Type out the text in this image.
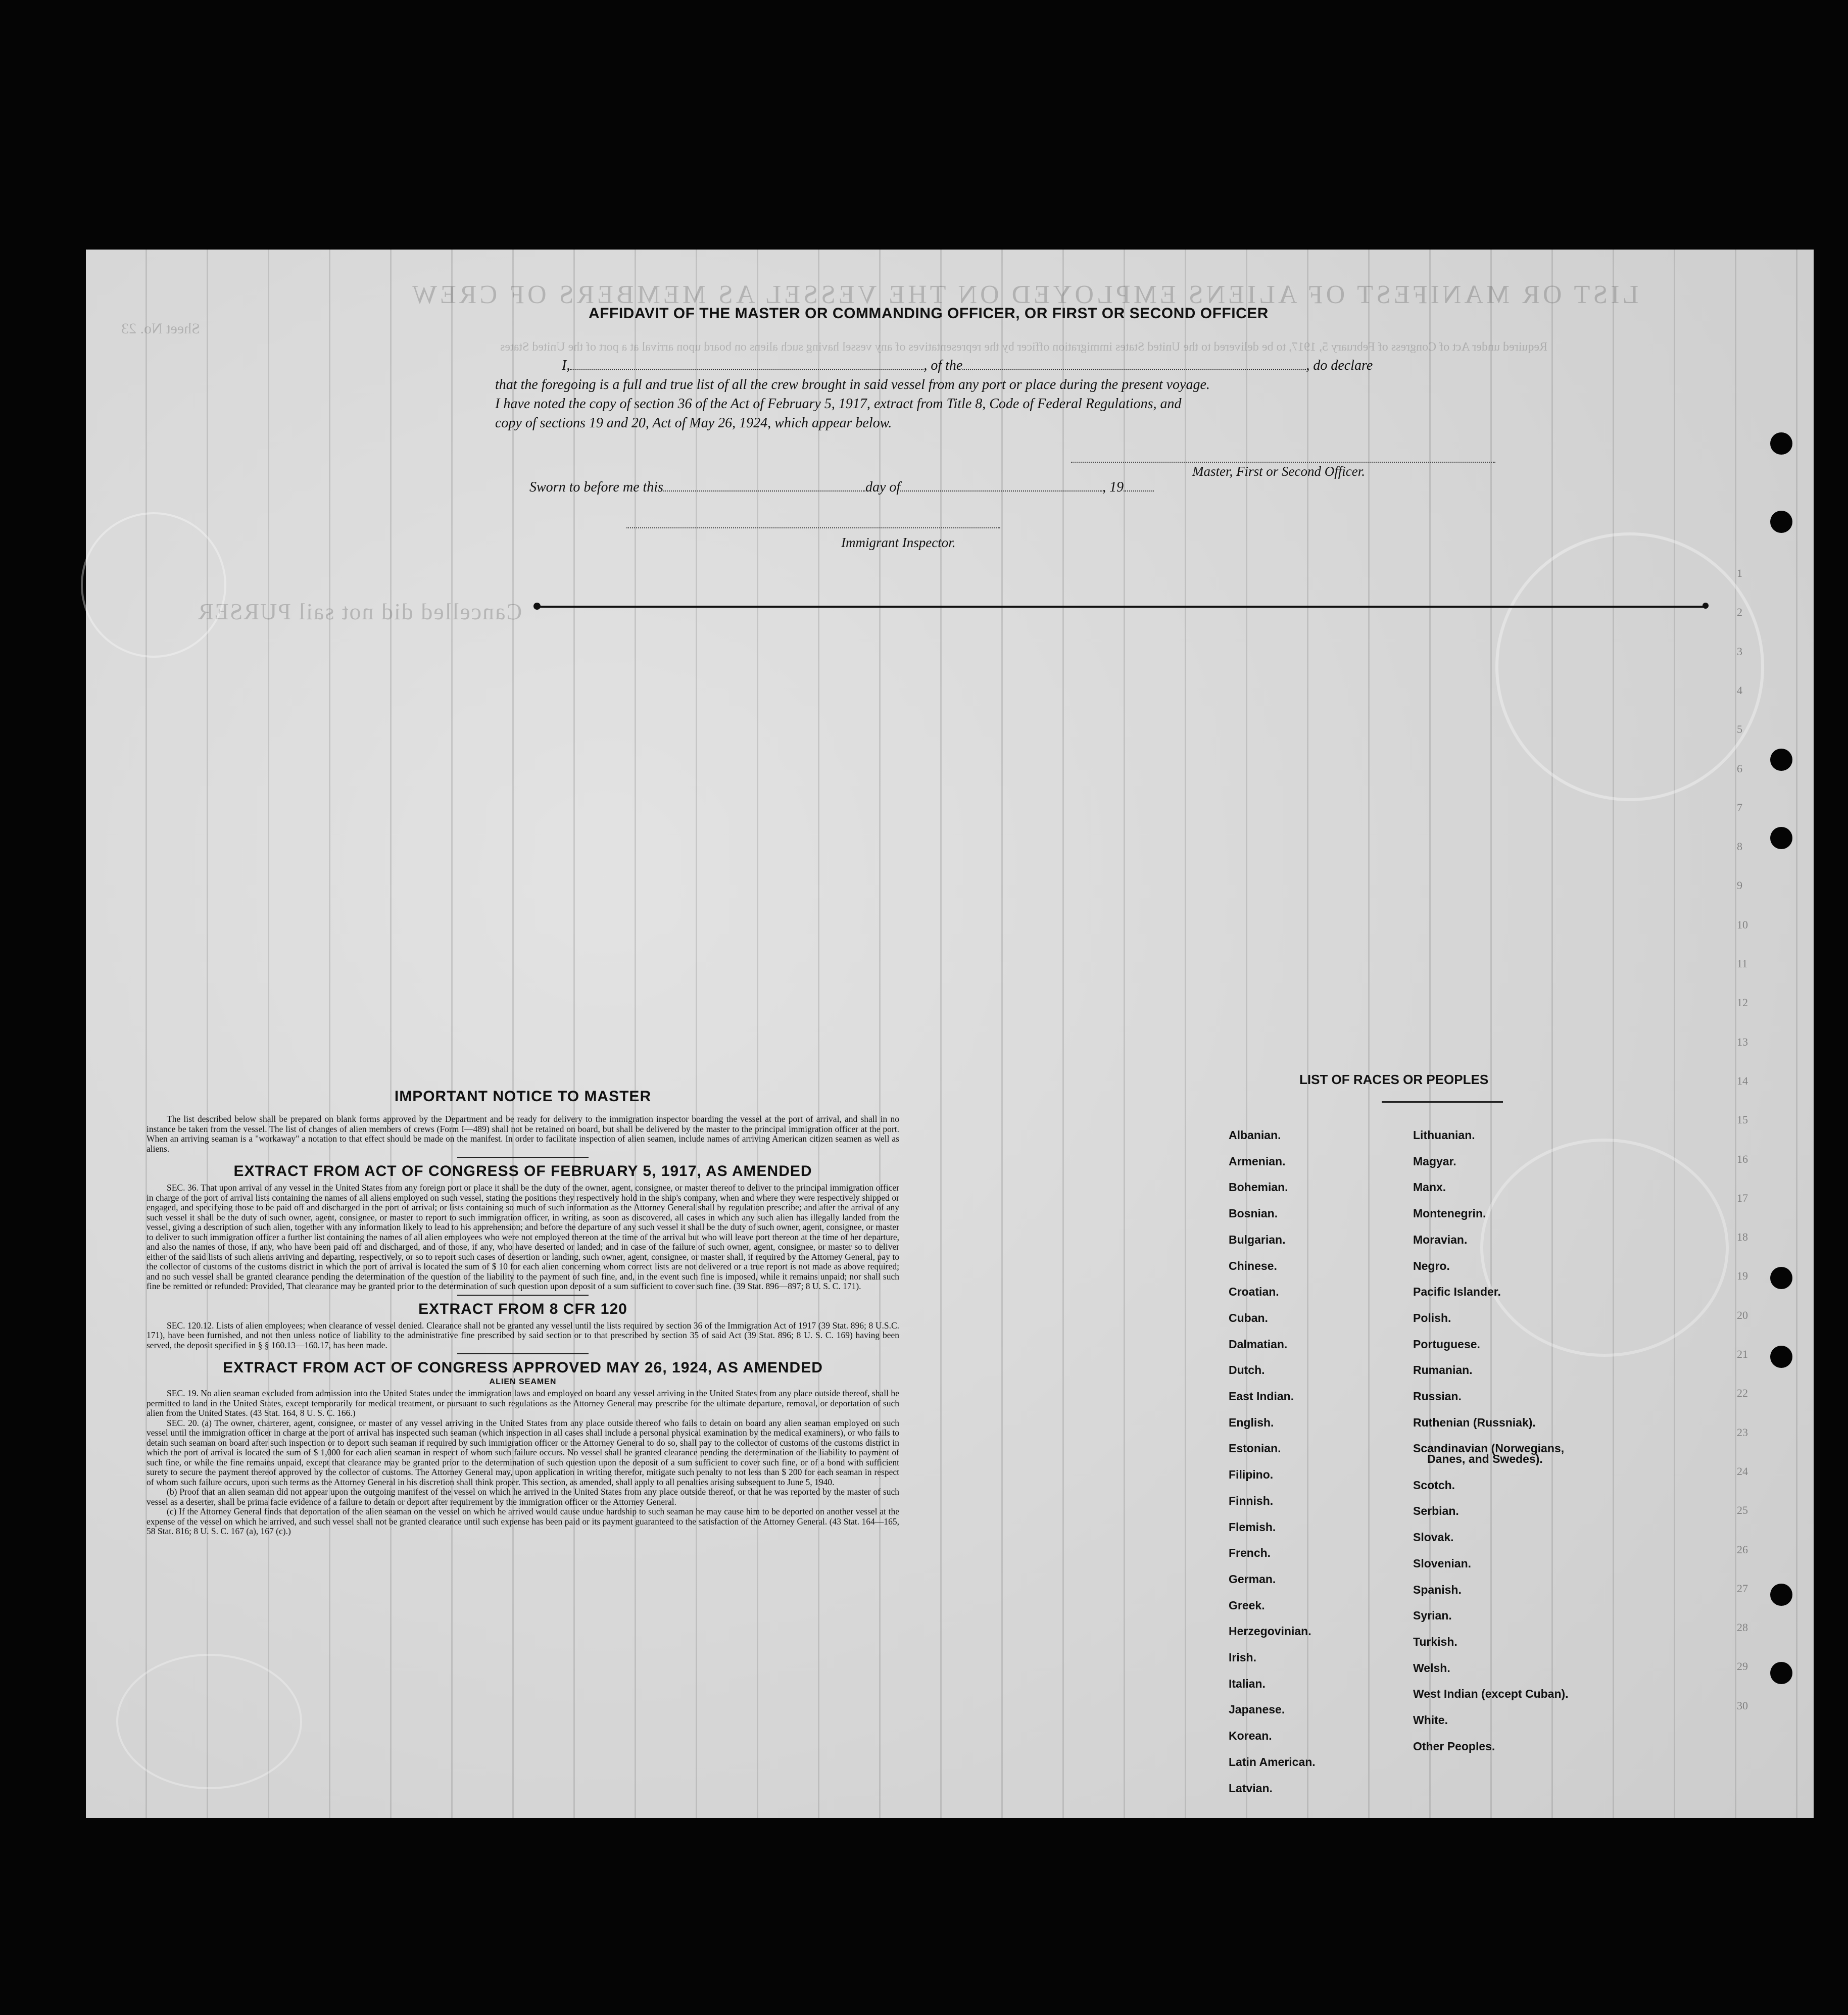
LIST OR MANIFEST OF ALIENS EMPLOYED ON THE VESSEL AS MEMBERS OF CREW
Sheet No. 23
Required under Act of Congress of February 5, 1917, to be delivered to the United States immigration officer by the representatives of any vessel having such aliens on board upon arrival at a port of the United States
Cancelled did not sail PURSER
AFFIDAVIT OF THE MASTER OR COMMANDING OFFICER, OR FIRST OR SECOND OFFICER
I,	, of the	, do declare
that the foregoing is a full and true list of all the crew brought in said vessel from any port or place during the present voyage.
I have noted the copy of section 36 of the Act of February 5, 1917, extract from Title 8, Code of Federal Regulations, and
copy of sections 19 and 20, Act of May 26, 1924, which appear below.
Master, First or Second Officer.
Sworn to before me this	day of	, 19
Immigrant Inspector.
1
2
3
4
5
6
7
8
9
10
11
12
13
14
15
16
17
18
19
20
21
22
23
24
25
26
27
28
29
30
IMPORTANT NOTICE TO MASTER

The list described below shall be prepared on blank forms approved by the Department and be ready for delivery to the immigration inspector boarding the vessel at the port of arrival, and shall in no instance be taken from the vessel. The list of changes of alien members of crews (Form I—489) shall not be retained on board, but shall be delivered by the master to the principal immigration officer at the port. When an arriving seaman is a "workaway" a notation to that effect should be made on the manifest. In order to facilitate inspection of alien seamen, include names of arriving American citizen seamen as well as aliens.

EXTRACT FROM ACT OF CONGRESS OF FEBRUARY 5, 1917, AS AMENDED

SEC. 36. That upon arrival of any vessel in the United States from any foreign port or place it shall be the duty of the owner, agent, consignee, or master thereof to deliver to the principal immigration officer in charge of the port of arrival lists containing the names of all aliens employed on such vessel, stating the positions they respectively hold in the ship's company, when and where they were respectively shipped or engaged, and specifying those to be paid off and discharged in the port of arrival; or lists containing so much of such information as the Attorney General shall by regulation prescribe; and after the arrival of any such vessel it shall be the duty of such owner, agent, consignee, or master to report to such immigration officer, in writing, as soon as discovered, all cases in which any such alien has illegally landed from the vessel, giving a description of such alien, together with any information likely to lead to his apprehension; and before the departure of any such vessel it shall be the duty of such owner, agent, consignee, or master to deliver to such immigration officer a further list containing the names of all alien employees who were not employed thereon at the time of the arrival but who will leave port thereon at the time of her departure, and also the names of those, if any, who have been paid off and discharged, and of those, if any, who have deserted or landed; and in case of the failure of such owner, agent, consignee, or master so to deliver either of the said lists of such aliens arriving and departing, respectively, or so to report such cases of desertion or landing, such owner, agent, consignee, or master shall, if required by the Attorney General, pay to the collector of customs of the customs district in which the port of arrival is located the sum of $ 10 for each alien concerning whom correct lists are not delivered or a true report is not made as above required; and no such vessel shall be granted clearance pending the determination of the question of the liability to the payment of such fine, and, in the event such fine is imposed, while it remains unpaid; nor shall such fine be remitted or refunded: Provided, That clearance may be granted prior to the determination of such question upon deposit of a sum sufficient to cover such fine. (39 Stat. 896—897; 8 U. S. C. 171).

EXTRACT FROM 8 CFR 120

SEC. 120.12. Lists of alien employees; when clearance of vessel denied. Clearance shall not be granted any vessel until the lists required by section 36 of the Immigration Act of 1917 (39 Stat. 896; 8 U.S.C. 171), have been furnished, and not then unless notice of liability to the administrative fine prescribed by said section or to that prescribed by section 35 of said Act (39 Stat. 896; 8 U. S. C. 169) having been served, the deposit specified in § § 160.13—160.17, has been made.

EXTRACT FROM ACT OF CONGRESS APPROVED MAY 26, 1924, AS AMENDED
ALIEN SEAMEN

SEC. 19. No alien seaman excluded from admission into the United States under the immigration laws and employed on board any vessel arriving in the United States from any place outside thereof, shall be permitted to land in the United States, except temporarily for medical treatment, or pursuant to such regulations as the Attorney General may prescribe for the ultimate departure, removal, or deportation of such alien from the United States. (43 Stat. 164, 8 U. S. C. 166.)

SEC. 20. (a) The owner, charterer, agent, consignee, or master of any vessel arriving in the United States from any place outside thereof who fails to detain on board any alien seaman employed on such vessel until the immigration officer in charge at the port of arrival has inspected such seaman (which inspection in all cases shall include a personal physical examination by the medical examiners), or who fails to detain such seaman on board after such inspection or to deport such seaman if required by such immigration officer or the Attorney General to do so, shall pay to the collector of customs of the customs district in which the port of arrival is located the sum of $ 1,000 for each alien seaman in respect of whom such failure occurs. No vessel shall be granted clearance pending the determination of the liability to payment of such fine, or while the fine remains unpaid, except that clearance may be granted prior to the determination of such question upon the deposit of a sum sufficient to cover such fine, or of a bond with sufficient surety to secure the payment thereof approved by the collector of customs. The Attorney General may, upon application in writing therefor, mitigate such penalty to not less than $ 200 for each seaman in respect of whom such failure occurs, upon such terms as the Attorney General in his discretion shall think proper. This section, as amended, shall apply to all penalties arising subsequent to June 5, 1940.

(b) Proof that an alien seaman did not appear upon the outgoing manifest of the vessel on which he arrived in the United States from any place outside thereof, or that he was reported by the master of such vessel as a deserter, shall be prima facie evidence of a failure to detain or deport after requirement by the immigration officer or the Attorney General.

(c) If the Attorney General finds that deportation of the alien seaman on the vessel on which he arrived would cause undue hardship to such seaman he may cause him to be deported on another vessel at the expense of the vessel on which he arrived, and such vessel shall not be granted clearance until such expense has been paid or its payment guaranteed to the satisfaction of the Attorney General. (43 Stat. 164—165, 58 Stat. 816; 8 U. S. C. 167 (a), 167 (c).)

LIST OF RACES OR PEOPLES
Albanian.
Armenian.
Bohemian.
Bosnian.
Bulgarian.
Chinese.
Croatian.
Cuban.
Dalmatian.
Dutch.
East Indian.
English.
Estonian.
Filipino.
Finnish.
Flemish.
French.
German.
Greek.
Herzegovinian.
Irish.
Italian.
Japanese.
Korean.
Latin American.
Latvian.
Lithuanian.
Magyar.
Manx.
Montenegrin.
Moravian.
Negro.
Pacific Islander.
Polish.
Portuguese.
Rumanian.
Russian.
Ruthenian (Russniak).
Scandinavian (Norwegians,
Danes, and Swedes).
Scotch.
Serbian.
Slovak.
Slovenian.
Spanish.
Syrian.
Turkish.
Welsh.
West Indian (except Cuban).
White.
Other Peoples.
